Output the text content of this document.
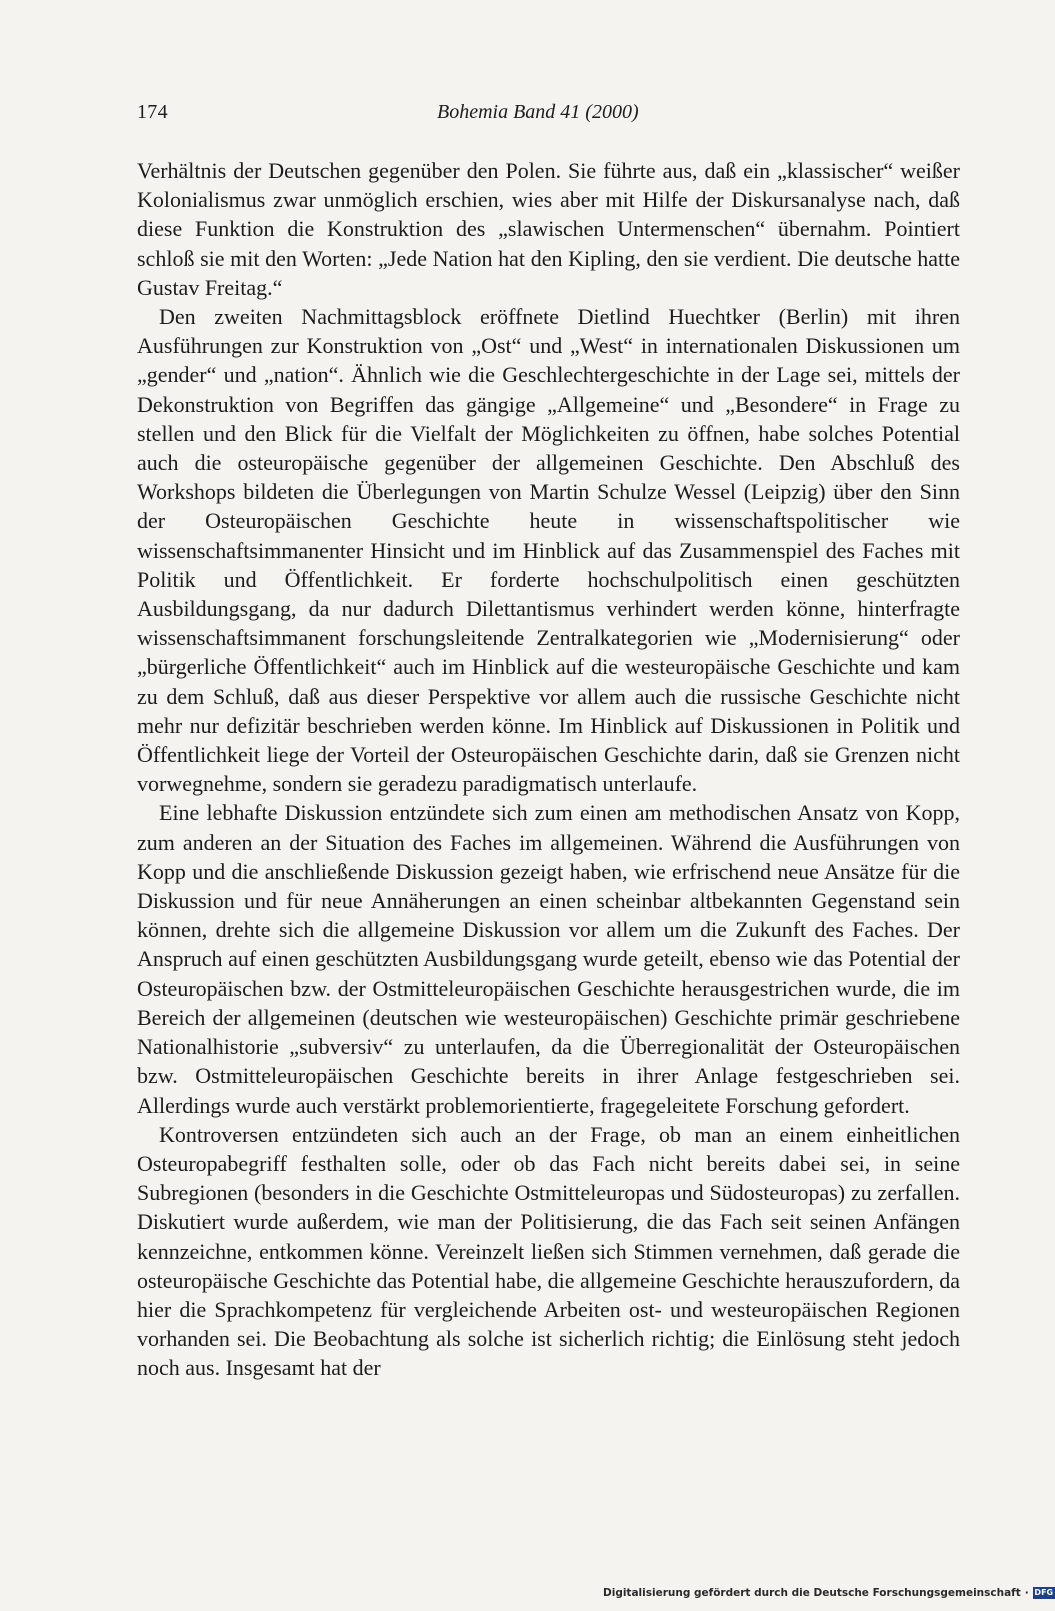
174	Bohemia Band 41 (2000)

Verhältnis der Deutschen gegenüber den Polen. Sie führte aus, daß ein „klassischer“ weißer Kolonialismus zwar unmöglich erschien, wies aber mit Hilfe der Diskursanalyse nach, daß diese Funktion die Konstruktion des „slawischen Untermenschen“ übernahm. Pointiert schloß sie mit den Worten: „Jede Nation hat den Kipling, den sie verdient. Die deutsche hatte Gustav Freitag.“

Den zweiten Nachmittagsblock eröffnete Dietlind Huechtker (Berlin) mit ihren Ausführungen zur Konstruktion von „Ost“ und „West“ in internationalen Diskussionen um „gender“ und „nation“. Ähnlich wie die Geschlechtergeschichte in der Lage sei, mittels der Dekonstruktion von Begriffen das gängige „Allgemeine“ und „Besondere“ in Frage zu stellen und den Blick für die Vielfalt der Möglichkeiten zu öffnen, habe solches Potential auch die osteuropäische gegenüber der allgemeinen Geschichte. Den Abschluß des Workshops bildeten die Überlegungen von Martin Schulze Wessel (Leipzig) über den Sinn der Osteuropäischen Geschichte heute in wissenschaftspolitischer wie wissenschaftsimmanenter Hinsicht und im Hinblick auf das Zusammenspiel des Faches mit Politik und Öffentlichkeit. Er forderte hochschulpolitisch einen geschützten Ausbildungsgang, da nur dadurch Dilettantismus verhindert werden könne, hinterfragte wissenschaftsimmanent forschungsleitende Zentralkategorien wie „Modernisierung“ oder „bürgerliche Öffentlichkeit“ auch im Hinblick auf die westeuropäische Geschichte und kam zu dem Schluß, daß aus dieser Perspektive vor allem auch die russische Geschichte nicht mehr nur defizitär beschrieben werden könne. Im Hinblick auf Diskussionen in Politik und Öffentlichkeit liege der Vorteil der Osteuropäischen Geschichte darin, daß sie Grenzen nicht vorwegnehme, sondern sie geradezu paradigmatisch unterlaufe.

Eine lebhafte Diskussion entzündete sich zum einen am methodischen Ansatz von Kopp, zum anderen an der Situation des Faches im allgemeinen. Während die Ausführungen von Kopp und die anschließende Diskussion gezeigt haben, wie erfrischend neue Ansätze für die Diskussion und für neue Annäherungen an einen scheinbar altbekannten Gegenstand sein können, drehte sich die allgemeine Diskussion vor allem um die Zukunft des Faches. Der Anspruch auf einen geschützten Ausbildungsgang wurde geteilt, ebenso wie das Potential der Osteuropäischen bzw. der Ostmitteleuropäischen Geschichte herausgestrichen wurde, die im Bereich der allgemeinen (deutschen wie westeuropäischen) Geschichte primär geschriebene Nationalhistorie „subversiv“ zu unterlaufen, da die Überregionalität der Osteuropäischen bzw. Ostmitteleuropäischen Geschichte bereits in ihrer Anlage festgeschrieben sei. Allerdings wurde auch verstärkt problemorientierte, fragegeleitete Forschung gefordert.

Kontroversen entzündeten sich auch an der Frage, ob man an einem einheitlichen Osteuropabegriff festhalten solle, oder ob das Fach nicht bereits dabei sei, in seine Subregionen (besonders in die Geschichte Ostmitteleuropas und Südosteuropas) zu zerfallen. Diskutiert wurde außerdem, wie man der Politisierung, die das Fach seit seinen Anfängen kennzeichne, entkommen könne. Vereinzelt ließen sich Stimmen vernehmen, daß gerade die osteuropäische Geschichte das Potential habe, die allgemeine Geschichte herauszufordern, da hier die Sprachkompetenz für vergleichende Arbeiten ost- und westeuropäischen Regionen vorhanden sei. Die Beobachtung als solche ist sicherlich richtig; die Einlösung steht jedoch noch aus. Insgesamt hat der

Digitalisierung gefördert durch die Deutsche Forschungsgemeinschaft · DFG
